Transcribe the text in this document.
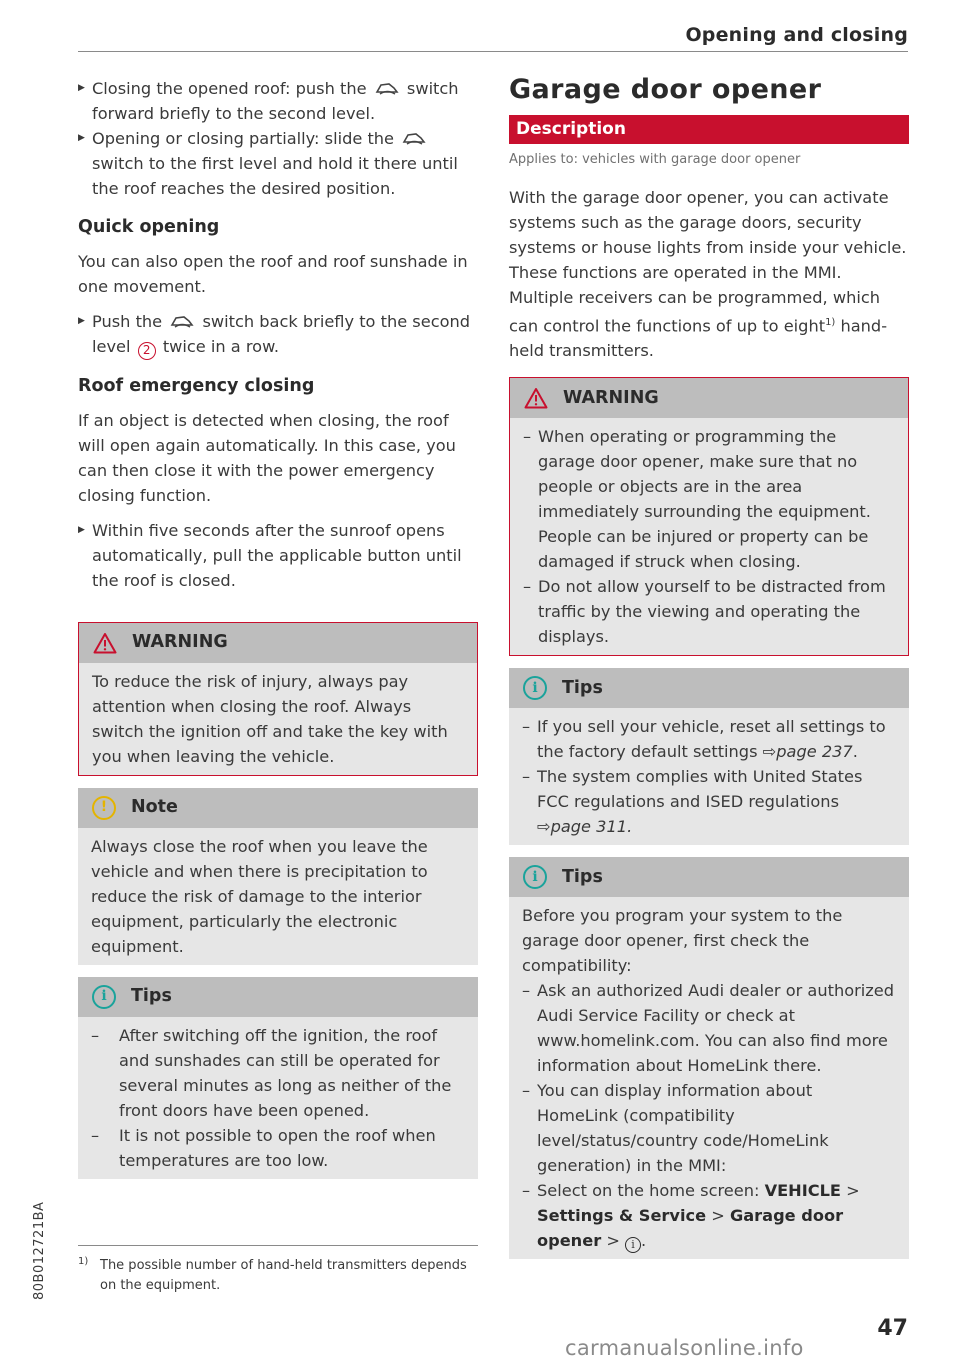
Opening and closing
▶ Closing the opened roof: push the switch forward briefly to the second level.
▶ Opening or closing partially: slide the  switch to the first level and hold it there until the roof reaches the desired position.
Quick opening
You can also open the roof and roof sunshade in one movement.
▶ Push the switch back briefly to the second level 2 twice in a row.
Roof emergency closing
If an object is detected when closing, the roof will open again automatically. In this case, you can then close it with the power emergency closing function.
▶ Within five seconds after the sunroof opens automatically, pull the applicable button until the roof is closed.
WARNING
To reduce the risk of injury, always pay attention when closing the roof. Always switch the ignition off and take the key with you when leaving the vehicle.
!	Note
Always close the roof when you leave the vehicle and when there is precipitation to reduce the risk of damage to the interior equipment, particularly the electronic equipment.
i	Tips
–	After switching off the ignition, the roof and sunshades can still be operated for several minutes as long as neither of the front doors have been opened.
–	It is not possible to open the roof when temperatures are too low.
Garage door opener
Description
Applies to: vehicles with garage door opener
With the garage door opener, you can activate systems such as the garage doors, security systems or house lights from inside your vehicle. These functions are operated in the MMI. Multiple receivers can be programmed, which can control the functions of up to eight$^{1)}$ hand-held transmitters.
WARNING
– When operating or programming the garage door opener, make sure that no people or objects are in the area immediately surrounding the equipment. People can be injured or property can be damaged if struck when closing.
– Do not allow yourself to be distracted from traffic by the viewing and operating the displays.
i	Tips
– If you sell your vehicle, reset all settings to the factory default settings ⇨page 237.
– The system complies with United States FCC regulations and ISED regulations
⇨page 311.
i	Tips
Before you program your system to the garage door opener, first check the compatibility:
– Ask an authorized Audi dealer or authorized Audi Service Facility or check at www.homelink.com. You can also find more information about HomeLink there.
– You can display information about HomeLink (compatibility level/status/country code/HomeLink generation) in the MMI:
– Select on the home screen: VEHICLE > Settings & Service > Garage door opener > i .
1) The possible number of hand-held transmitters depends on the equipment.
80B012721BA
47
carmanualsonline.info
